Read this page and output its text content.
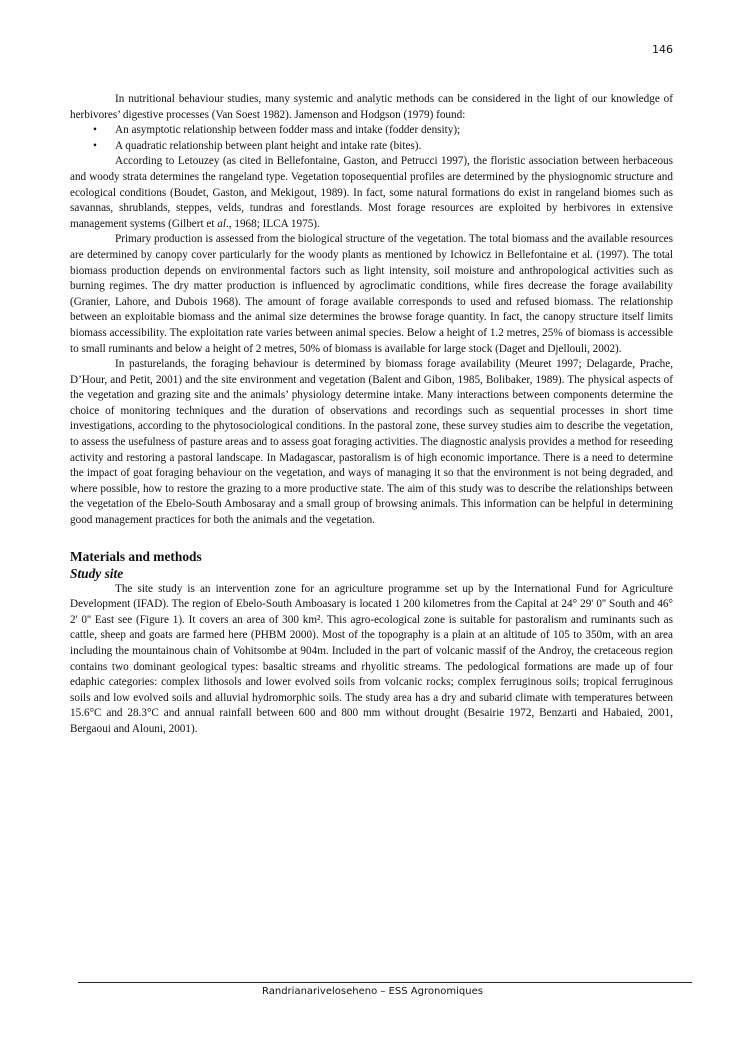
146

In nutritional behaviour studies, many systemic and analytic methods can be considered in the light of our knowledge of herbivores’ digestive processes (Van Soest 1982). Jamenson and Hodgson (1979) found:

• An asymptotic relationship between fodder mass and intake (fodder density);
• A quadratic relationship between plant height and intake rate (bites).

According to Letouzey (as cited in Bellefontaine, Gaston, and Petrucci 1997), the floristic association between herbaceous and woody strata determines the rangeland type. Vegetation toposequential profiles are determined by the physiognomic structure and ecological conditions (Boudet, Gaston, and Mekigout, 1989). In fact, some natural formations do exist in rangeland biomes such as savannas, shrublands, steppes, velds, tundras and forestlands. Most forage resources are exploited by herbivores in extensive management systems (Gilbert et al., 1968; ILCA 1975).

Primary production is assessed from the biological structure of the vegetation. The total biomass and the available resources are determined by canopy cover particularly for the woody plants as mentioned by Ichowicz in Bellefontaine et al. (1997). The total biomass production depends on environmental factors such as light intensity, soil moisture and anthropological activities such as burning regimes. The dry matter production is influenced by agroclimatic conditions, while fires decrease the forage availability (Granier, Lahore, and Dubois 1968). The amount of forage available corresponds to used and refused biomass. The relationship between an exploitable biomass and the animal size determines the browse forage quantity. In fact, the canopy structure itself limits biomass accessibility. The exploitation rate varies between animal species. Below a height of 1.2 metres, 25% of biomass is accessible to small ruminants and below a height of 2 metres, 50% of biomass is available for large stock (Daget and Djellouli, 2002).

In pasturelands, the foraging behaviour is determined by biomass forage availability (Meuret 1997; Delagarde, Prache, D’Hour, and Petit, 2001) and the site environment and vegetation (Balent and Gibon, 1985, Bolibaker, 1989). The physical aspects of the vegetation and grazing site and the animals’ physiology determine intake. Many interactions between components determine the choice of monitoring techniques and the duration of observations and recordings such as sequential processes in short time investigations, according to the phytosociological conditions. In the pastoral zone, these survey studies aim to describe the vegetation, to assess the usefulness of pasture areas and to assess goat foraging activities. The diagnostic analysis provides a method for reseeding activity and restoring a pastoral landscape. In Madagascar, pastoralism is of high economic importance. There is a need to determine the impact of goat foraging behaviour on the vegetation, and ways of managing it so that the environment is not being degraded, and where possible, how to restore the grazing to a more productive state. The aim of this study was to describe the relationships between the vegetation of the Ebelo-South Ambosaray and a small group of browsing animals. This information can be helpful in determining good management practices for both the animals and the vegetation.

Materials and methods
Study site

The site study is an intervention zone for an agriculture programme set up by the International Fund for Agriculture Development (IFAD). The region of Ebelo-South Amboasary is located 1 200 kilometres from the Capital at 24° 29' 0'' South and 46° 2' 0'' East see (Figure 1). It covers an area of 300 km². This agro-ecological zone is suitable for pastoralism and ruminants such as cattle, sheep and goats are farmed here (PHBM 2000). Most of the topography is a plain at an altitude of 105 to 350m, with an area including the mountainous chain of Vohitsombe at 904m. Included in the part of volcanic massif of the Androy, the cretaceous region contains two dominant geological types: basaltic streams and rhyolitic streams. The pedological formations are made up of four edaphic categories: complex lithosols and lower evolved soils from volcanic rocks; complex ferruginous soils; tropical ferruginous soils and low evolved soils and alluvial hydromorphic soils. The study area has a dry and subarid climate with temperatures between 15.6°C and 28.3°C and annual rainfall between 600 and 800 mm without drought (Besairie 1972, Benzarti and Habaied, 2001, Bergaoui and Alouni, 2001).

Randrianariveloseheno – ESS Agronomiques
